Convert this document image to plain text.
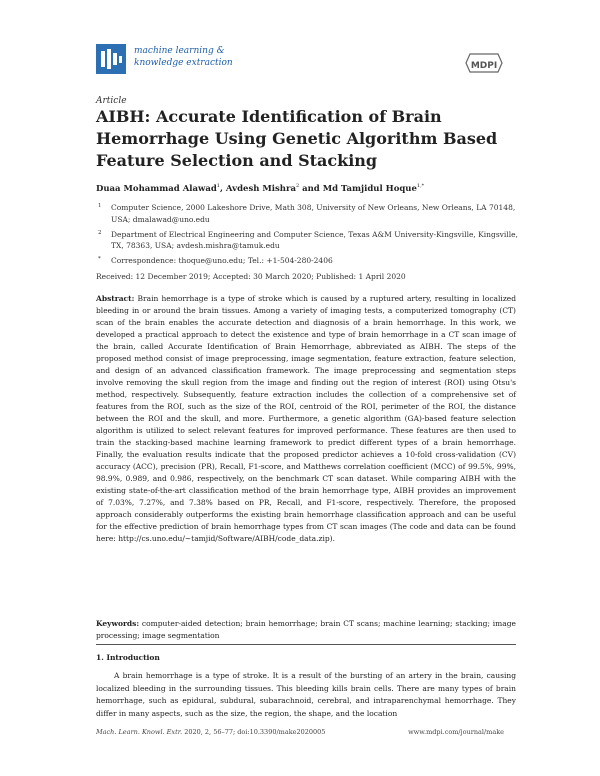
machine learning &
knowledge extraction	MDPI
Article
AIBH: Accurate Identification of Brain Hemorrhage Using Genetic Algorithm Based Feature Selection and Stacking
Duaa Mohammad Alawad$^1$, Avdesh Mishra$^2$ and Md Tamjidul Hoque$^{1,*}$
1 Computer Science, 2000 Lakeshore Drive, Math 308, University of New Orleans, New Orleans, LA 70148, USA; dmalawad@uno.edu
2 Department of Electrical Engineering and Computer Science, Texas A&M University-Kingsville, Kingsville, TX, 78363, USA; avdesh.mishra@tamuk.edu
* Correspondence: thoque@uno.edu; Tel.: +1-504-280-2406
Received: 12 December 2019; Accepted: 30 March 2020; Published: 1 April 2020
Abstract: Brain hemorrhage is a type of stroke which is caused by a ruptured artery, resulting in localized bleeding in or around the brain tissues. Among a variety of imaging tests, a computerized tomography (CT) scan of the brain enables the accurate detection and diagnosis of a brain hemorrhage. In this work, we developed a practical approach to detect the existence and type of brain hemorrhage in a CT scan image of the brain, called Accurate Identification of Brain Hemorrhage, abbreviated as AIBH. The steps of the proposed method consist of image preprocessing, image segmentation, feature extraction, feature selection, and design of an advanced classification framework. The image preprocessing and segmentation steps involve removing the skull region from the image and finding out the region of interest (ROI) using Otsu's method, respectively. Subsequently, feature extraction includes the collection of a comprehensive set of features from the ROI, such as the size of the ROI, centroid of the ROI, perimeter of the ROI, the distance between the ROI and the skull, and more. Furthermore, a genetic algorithm (GA)-based feature selection algorithm is utilized to select relevant features for improved performance. These features are then used to train the stacking-based machine learning framework to predict different types of a brain hemorrhage. Finally, the evaluation results indicate that the proposed predictor achieves a 10-fold cross-validation (CV) accuracy (ACC), precision (PR), Recall, F1-score, and Matthews correlation coefficient (MCC) of 99.5%, 99%, 98.9%, 0.989, and 0.986, respectively, on the benchmark CT scan dataset. While comparing AIBH with the existing state-of-the-art classification method of the brain hemorrhage type, AIBH provides an improvement of 7.03%, 7.27%, and 7.38% based on PR, Recall, and F1-score, respectively. Therefore, the proposed approach considerably outperforms the existing brain hemorrhage classification approach and can be useful for the effective prediction of brain hemorrhage types from CT scan images (The code and data can be found here: http://cs.uno.edu/~tamjid/Software/AIBH/code_data.zip).
Keywords: computer-aided detection; brain hemorrhage; brain CT scans; machine learning; stacking; image processing; image segmentation
1. Introduction
A brain hemorrhage is a type of stroke. It is a result of the bursting of an artery in the brain, causing localized bleeding in the surrounding tissues. This bleeding kills brain cells. There are many types of brain hemorrhage, such as epidural, subdural, subarachnoid, cerebral, and intraparenchymal hemorrhage. They differ in many aspects, such as the size, the region, the shape, and the location
Mach. Learn. Knowl. Extr. 2020, 2, 56–77; doi:10.3390/make2020005	www.mdpi.com/journal/make
